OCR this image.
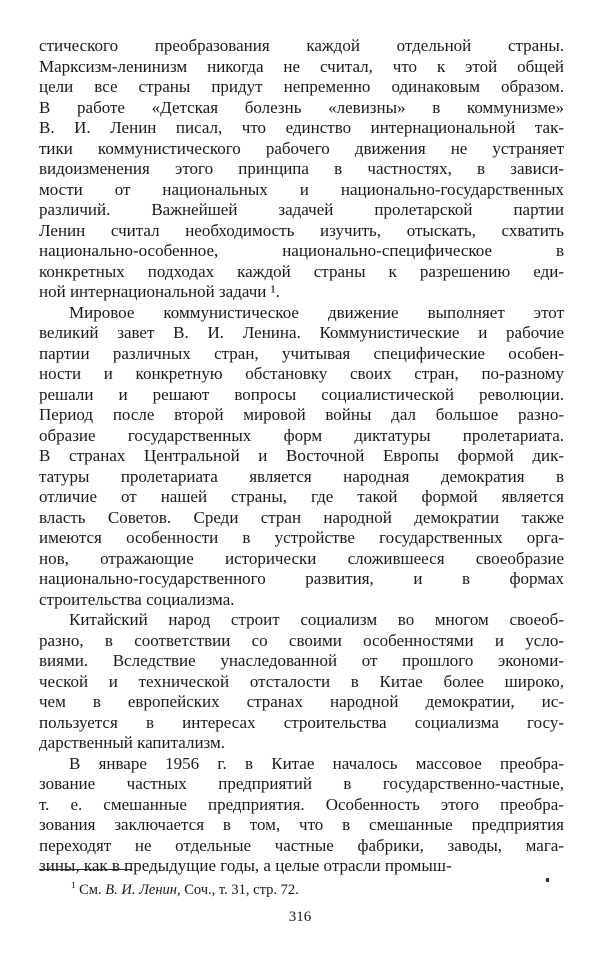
стического преобразования каждой отдельной страны.
Марксизм-ленинизм никогда не считал, что к этой общей
цели все страны придут непременно одинаковым образом.
В работе «Детская болезнь «левизны» в коммунизме»
В. И. Ленин писал, что единство интернациональной так-
тики коммунистического рабочего движения не устраняет
видоизменения этого принципа в частностях, в зависи-
мости от национальных и национально-государственных
различий. Важнейшей задачей пролетарской партии
Ленин считал необходимость изучить, отыскать, схватить
национально-особенное, национально-специфическое в
конкретных подходах каждой страны к разрешению еди-
ной интернациональной задачи ¹.
Мировое коммунистическое движение выполняет этот
великий завет В. И. Ленина. Коммунистические и рабочие
партии различных стран, учитывая специфические особен-
ности и конкретную обстановку своих стран, по-разному
решали и решают вопросы социалистической революции.
Период после второй мировой войны дал большое разно-
образие государственных форм диктатуры пролетариата.
В странах Центральной и Восточной Европы формой дик-
татуры пролетариата является народная демократия в
отличие от нашей страны, где такой формой является
власть Советов. Среди стран народной демократии также
имеются особенности в устройстве государственных орга-
нов, отражающие исторически сложившееся своеобразие
национально-государственного развития, и в формах
строительства социализма.
Китайский народ строит социализм во многом своеоб-
разно, в соответствии со своими особенностями и усло-
виями. Вследствие унаследованной от прошлого экономи-
ческой и технической отсталости в Китае более широко,
чем в европейских странах народной демократии, ис-
пользуется в интересах строительства социализма госу-
дарственный капитализм.
В январе 1956 г. в Китае началось массовое преобра-
зование частных предприятий в государственно-частные,
т. е. смешанные предприятия. Особенность этого преобра-
зования заключается в том, что в смешанные предприятия
переходят не отдельные частные фабрики, заводы, мага-
зины, как в предыдущие годы, а целые отрасли промыш-
$^1$ См. В. И. Ленин, Соч., т. 31, стр. 72.
316
